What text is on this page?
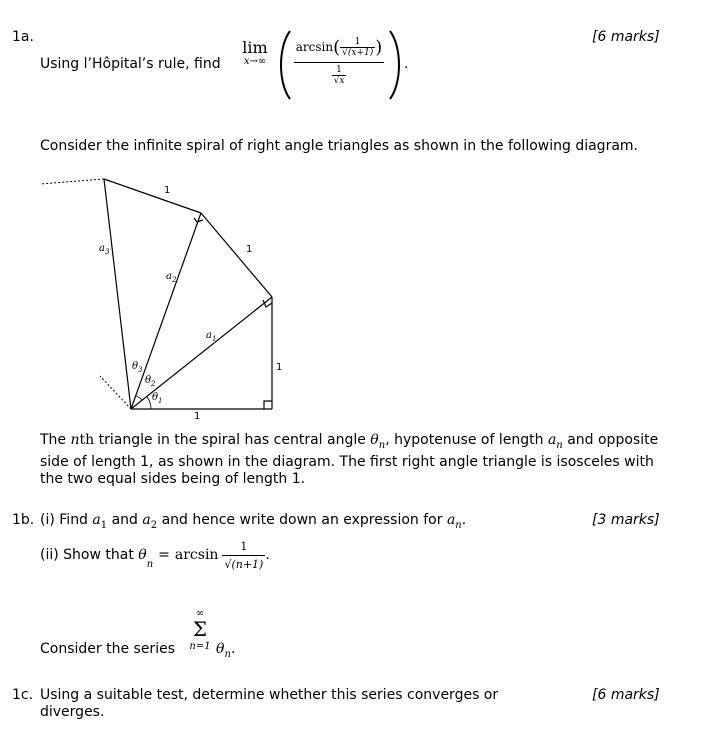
1a.	[6 marks]
Using l’Hôpital’s rule, find
lim
x→∞
arcsin ( $\frac{1}{√(x+1)}$ )
$\frac{1}{√x}$
.
Consider the infinite spiral of right angle triangles as shown in the following diagram.
1
1
1
1
$a_3$
$a_2$
$a_1$
$\theta_3$
$\theta_2$
$\theta_1$
The nth triangle in the spiral has central angle $\theta_n$, hypotenuse of length $a_n$ and opposite side of length 1, as shown in the diagram. The first right angle triangle is isosceles with the two equal sides being of length 1.
1b.	[3 marks]
(i) Find $a_1$ and $a_2$ and hence write down an expression for $a_n$.
(ii) Show that
θ
$_n$
= $\arcsin \frac{1}{√(n+1)}$ .
Consider the series
∞
Σ
n=1 $\theta_n$.
1c.	[6 marks]
Using a suitable test, determine whether this series converges or diverges.
